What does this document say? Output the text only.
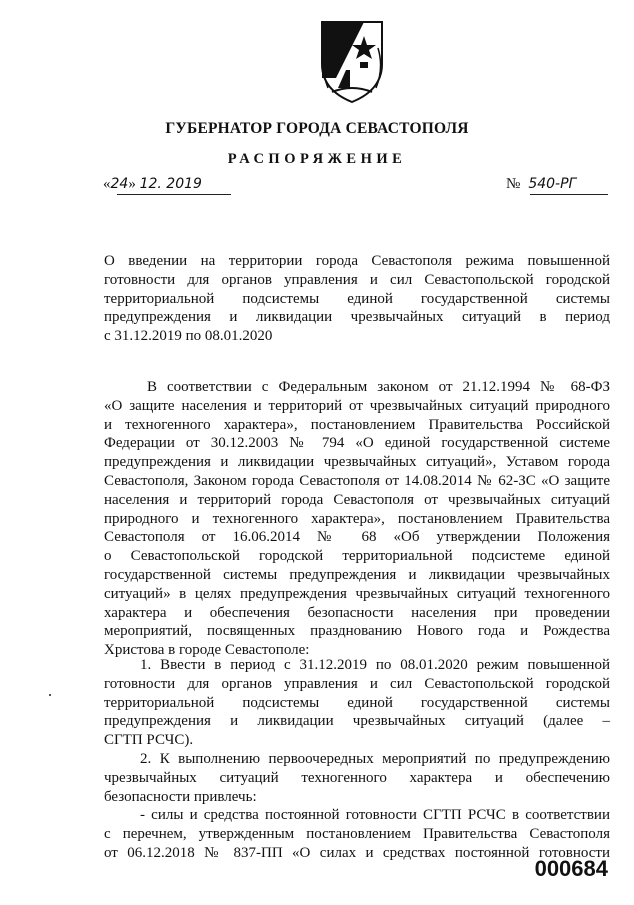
ГУБЕРНАТОР ГОРОДА СЕВАСТОПОЛЯ
РАСПОРЯЖЕНИЕ
«24» 12. 2019	№ 540-РГ
О введении на территории города Севастополя режима повышенной
готовности для органов управления и сил Севастопольской городской
территориальной подсистемы единой государственной системы
предупреждения и ликвидации чрезвычайных ситуаций в период
с 31.12.2019 по 08.01.2020
В соответствии с Федеральным законом от 21.12.1994 № 68-ФЗ
«О защите населения и территорий от чрезвычайных ситуаций природного
и техногенного характера», постановлением Правительства Российской
Федерации от 30.12.2003 № 794 «О единой государственной системе
предупреждения и ликвидации чрезвычайных ситуаций», Уставом города
Севастополя, Законом города Севастополя от 14.08.2014 № 62-ЗС «О защите
населения и территорий города Севастополя от чрезвычайных ситуаций
природного и техногенного характера», постановлением Правительства
Севастополя от 16.06.2014 № 68 «Об утверждении Положения
о Севастопольской городской территориальной подсистеме единой
государственной системы предупреждения и ликвидации чрезвычайных
ситуаций» в целях предупреждения чрезвычайных ситуаций техногенного
характера и обеспечения безопасности населения при проведении
мероприятий, посвященных празднованию Нового года и Рождества
Христова в городе Севастополе:
1. Ввести в период с 31.12.2019 по 08.01.2020 режим повышенной
готовности для органов управления и сил Севастопольской городской
территориальной подсистемы единой государственной системы
предупреждения и ликвидации чрезвычайных ситуаций (далее –
СГТП РСЧС).
2. К выполнению первоочередных мероприятий по предупреждению
чрезвычайных ситуаций техногенного характера и обеспечению
безопасности привлечь:
- силы и средства постоянной готовности СГТП РСЧС в соответствии
с перечнем, утвержденным постановлением Правительства Севастополя
от 06.12.2018 № 837-ПП «О силах и средствах постоянной готовности
000684
